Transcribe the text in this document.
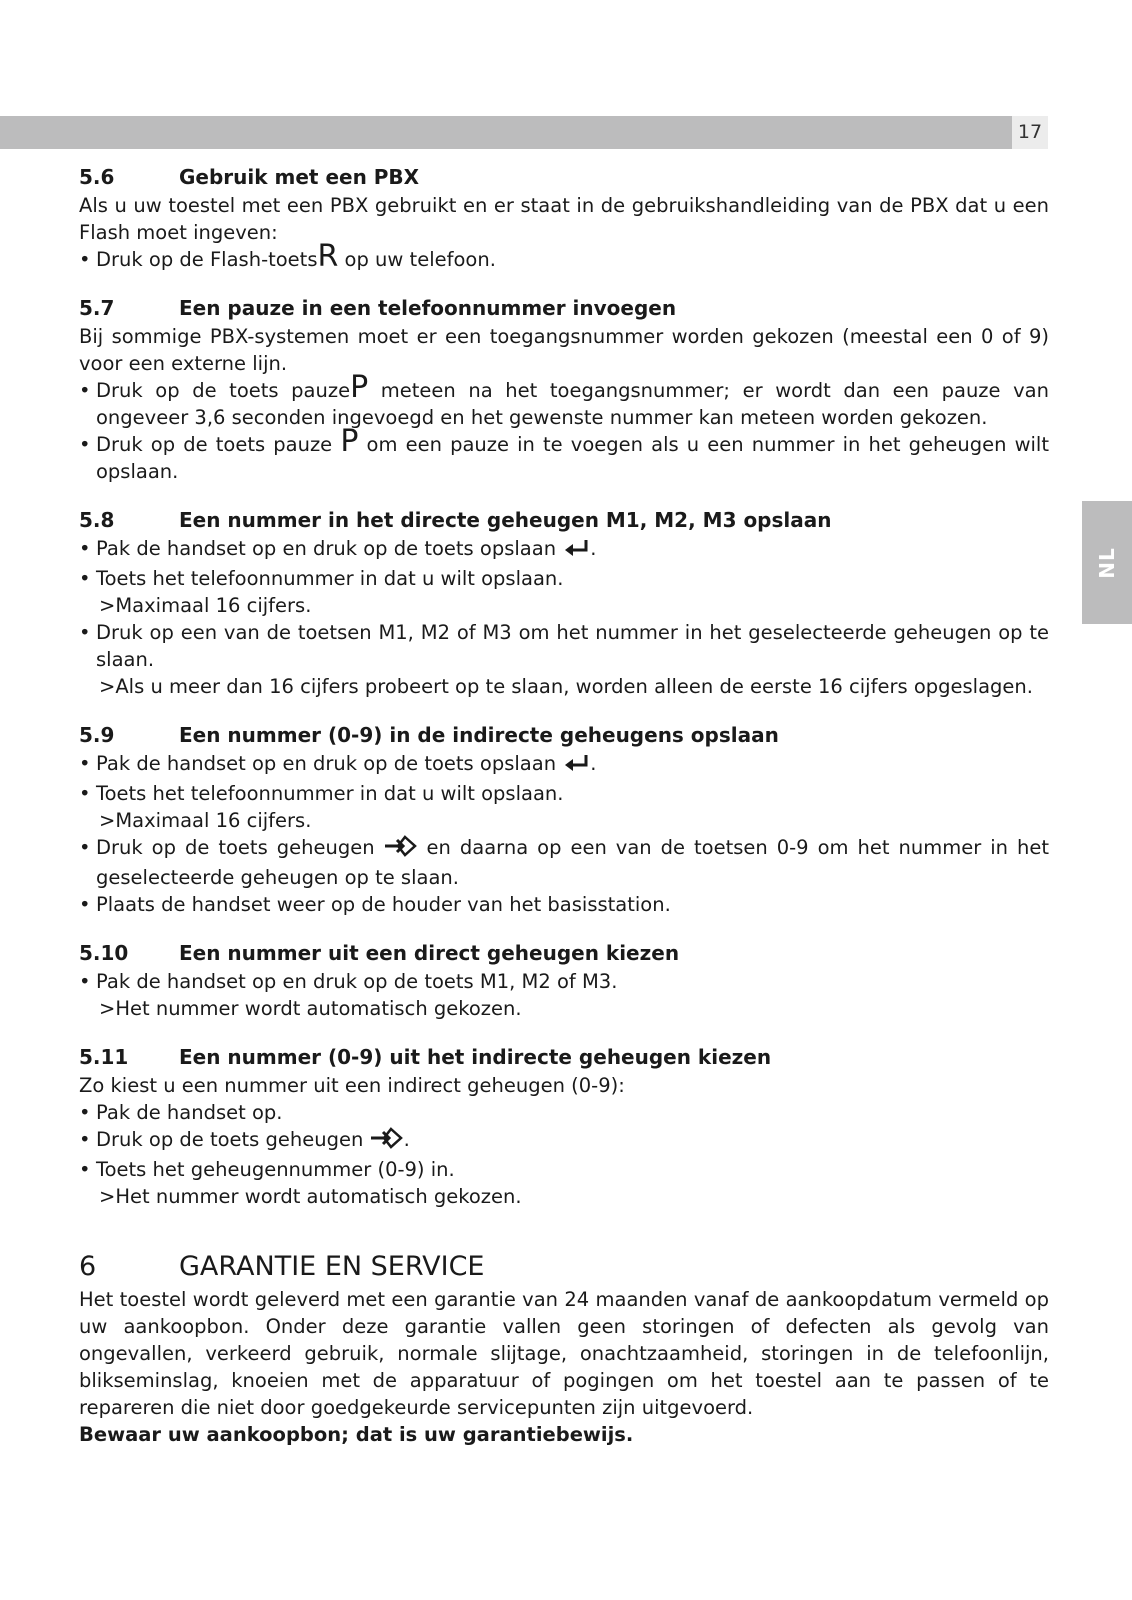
17
NL
5.6	Gebruik met een PBX

Als u uw toestel met een PBX gebruikt en er staat in de gebruikshandleiding van de PBX dat u een Flash moet ingeven:

• Druk op de Flash-toetsR op uw telefoon.
5.7	Een pauze in een telefoonnummer invoegen

Bij sommige PBX-systemen moet er een toegangsnummer worden gekozen (meestal een 0 of 9) voor een externe lijn.

• Druk op de toets pauzeP meteen na het toegangsnummer; er wordt dan een pauze van ongeveer 3,6 seconden ingevoegd en het gewenste nummer kan meteen worden gekozen.
• Druk op de toets pauze P om een pauze in te voegen als u een nummer in het geheugen wilt opslaan.
5.8	Een nummer in het directe geheugen M1, M2, M3 opslaan
• Pak de handset op en druk op de toets opslaan .
• Toets het telefoonnummer in dat u wilt opslaan.

>Maximaal 16 cijfers.

• Druk op een van de toetsen M1, M2 of M3 om het nummer in het geselecteerde geheugen op te slaan.

>Als u meer dan 16 cijfers probeert op te slaan, worden alleen de eerste 16 cijfers opgeslagen.

5.9	Een nummer (0-9) in de indirecte geheugens opslaan
• Pak de handset op en druk op de toets opslaan .
• Toets het telefoonnummer in dat u wilt opslaan.

>Maximaal 16 cijfers.

• Druk op de toets geheugen  en daarna op een van de toetsen 0-9 om het nummer in het geselecteerde geheugen op te slaan.
• Plaats de handset weer op de houder van het basisstation.
5.10	Een nummer uit een direct geheugen kiezen
• Pak de handset op en druk op de toets M1, M2 of M3.

>Het nummer wordt automatisch gekozen.

5.11	Een nummer (0-9) uit het indirecte geheugen kiezen

Zo kiest u een nummer uit een indirect geheugen (0-9):

• Pak de handset op.
• Druk op de toets geheugen .
• Toets het geheugennummer (0-9) in.

>Het nummer wordt automatisch gekozen.

6	GARANTIE EN SERVICE

Het toestel wordt geleverd met een garantie van 24 maanden vanaf de aankoopdatum vermeld op uw aankoopbon. Onder deze garantie vallen geen storingen of defecten als gevolg van ongevallen, verkeerd gebruik, normale slijtage, onachtzaamheid, storingen in de telefoonlijn, blikseminslag, knoeien met de apparatuur of pogingen om het toestel aan te passen of te repareren die niet door goedgekeurde servicepunten zijn uitgevoerd.

Bewaar uw aankoopbon; dat is uw garantiebewijs.
